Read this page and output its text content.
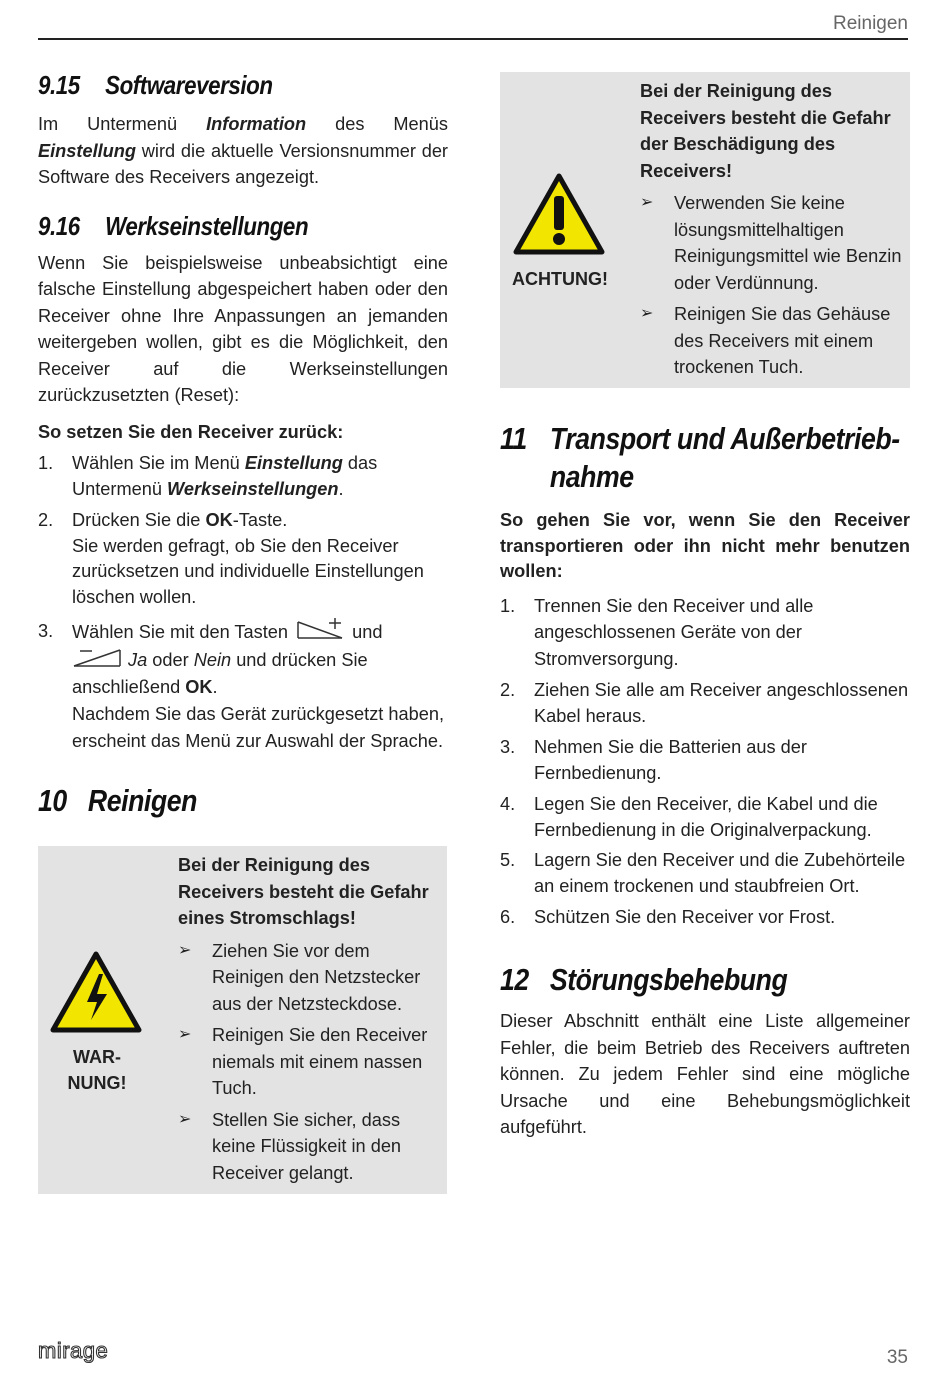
Reinigen
9.15 Softwareversion

Im Untermenü Information des Menüs Einstellung wird die aktuelle Versionsnummer der Software des Receivers angezeigt.

9.16 Werkseinstellungen

Wenn Sie beispielsweise unbeabsichtigt eine falsche Einstellung abgespeichert haben oder den Receiver ohne Ihre Anpassungen an jemanden weitergeben wollen, gibt es die Möglichkeit, den Receiver auf die Werkseinstellungen zurückzusetzten (Reset):

So setzen Sie den Receiver zurück:

1. Wählen Sie im Menü Einstellung das Untermenü Werkseinstellungen.
2. Drücken Sie die OK-Taste.
Sie werden gefragt, ob Sie den Receiver zurücksetzen und individuelle Einstellungen löschen wollen.
3. Wählen Sie mit den Tasten	und
Ja oder Nein und drücken Sie anschließend OK.
Nachdem Sie das Gerät zurückgesetzt haben, erscheint das Menü zur Auswahl der Sprache.
10 Reinigen
WAR-
NUNG!
Bei der Reinigung des Receivers besteht die Gefahr eines Stromschlags!
➢ Ziehen Sie vor dem Reinigen den Netzstecker aus der Netzsteckdose.
➢ Reinigen Sie den Receiver niemals mit einem nassen Tuch.
➢ Stellen Sie sicher, dass keine Flüssigkeit in den Receiver gelangt.
ACHTUNG!
Bei der Reinigung des Receivers besteht die Gefahr der Beschädigung des Receivers!
➢ Verwenden Sie keine lösungsmittelhaltigen Reinigungsmittel wie Benzin oder Verdünnung.
➢ Reinigen Sie das Gehäuse des Receivers mit einem trockenen Tuch.
11 Transport und Außerbetrieb-
nahme

So gehen Sie vor, wenn Sie den Receiver transportieren oder ihn nicht mehr benutzen wollen:

1. Trennen Sie den Receiver und alle angeschlossenen Geräte von der Stromversorgung.
2. Ziehen Sie alle am Receiver angeschlossenen Kabel heraus.
3. Nehmen Sie die Batterien aus der Fernbedienung.
4. Legen Sie den Receiver, die Kabel und die Fernbedienung in die Originalverpackung.
5. Lagern Sie den Receiver und die Zubehörteile an einem trockenen und staubfreien Ort.
6. Schützen Sie den Receiver vor Frost.
12 Störungsbehebung

Dieser Abschnitt enthält eine Liste allgemeiner Fehler, die beim Betrieb des Receivers auftreten können. Zu jedem Fehler sind eine mögliche Ursache und eine Behebungsmöglichkeit aufgeführt.

mirage	35
